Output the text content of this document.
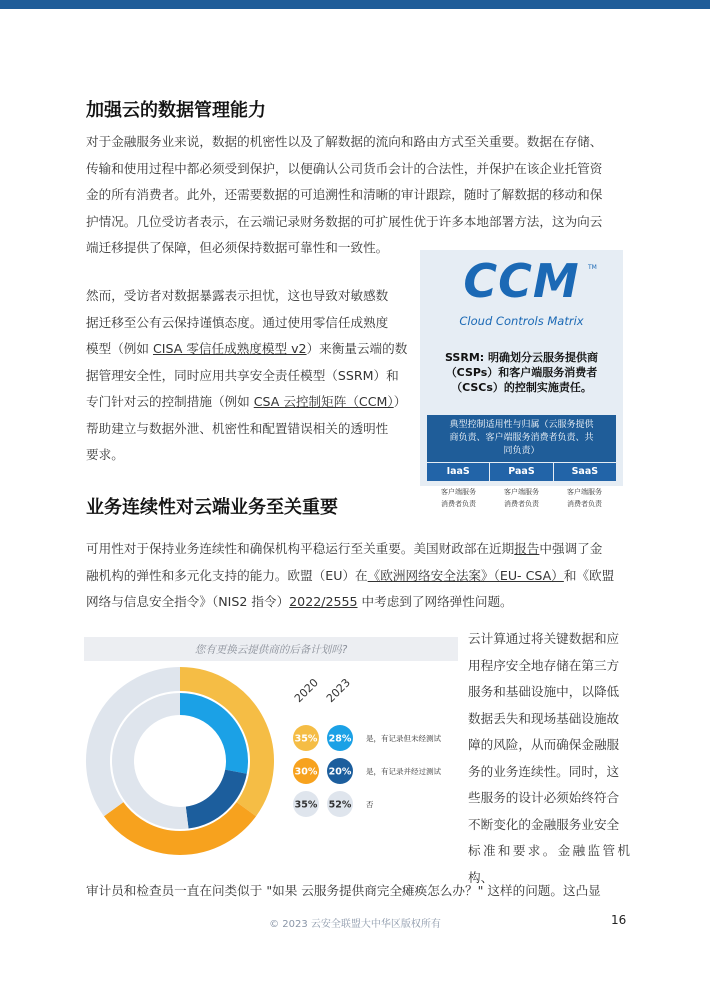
加强云的数据管理能力
对于金融服务业来说，数据的机密性以及了解数据的流向和路由方式至关重要。数据在存储、
传输和使用过程中都必须受到保护，以便确认公司货币会计的合法性，并保护在该企业托管资
金的所有消费者。此外，还需要数据的可追溯性和清晰的审计跟踪，随时了解数据的移动和保
护情况。几位受访者表示，在云端记录财务数据的可扩展性优于许多本地部署方法，这为向云
端迁移提供了保障，但必须保持数据可靠性和一致性。
然而，受访者对数据暴露表示担忧，这也导致对敏感数
据迁移至公有云保持谨慎态度。通过使用零信任成熟度
模型（例如 CISA 零信任成熟度模型 v2）来衡量云端的数
据管理安全性，同时应用共享安全责任模型（SSRM）和
专门针对云的控制措施（例如 CSA 云控制矩阵（CCM））
帮助建立与数据外泄、机密性和配置错误相关的透明性
要求。
CCM	TM
Cloud Controls Matrix
SSRM: 明确划分云服务提供商
（CSPs）和客户端服务消费者
（CSCs）的控制实施责任。
典型控制适用性与归属（云服务提供
商负责、客户端服务消费者负责、共
同负责）
IaaS	PaaS	SaaS
客户端服务
消费者负责
客户端服务
消费者负责
客户端服务
消费者负责
业务连续性对云端业务至关重要
可用性对于保持业务连续性和确保机构平稳运行至关重要。美国财政部在近期报告中强调了金
融机构的弹性和多元化支持的能力。欧盟（EU）在《欧洲网络安全法案》（EU- CSA）和《欧盟
网络与信息安全指令》（NIS2 指令）2022/2555 中考虑到了网络弹性问题。
您有更换云提供商的后备计划吗?
2020 2023
35% 28% 是，有记录但未经测试
30% 20% 是，有记录并经过测试
35% 52% 否
云计算通过将关键数据和应
用程序安全地存储在第三方
服务和基础设施中，以降低
数据丢失和现场基础设施故
障的风险，从而确保金融服
务的业务连续性。同时，这
些服务的设计必须始终符合
不断变化的金融服务业安全
标准和要求。金融监管机构、
审计员和检查员一直在问类似于 "如果 云服务提供商完全瘫痪怎么办？" 这样的问题。这凸显
© 2023 云安全联盟大中华区版权所有	16
